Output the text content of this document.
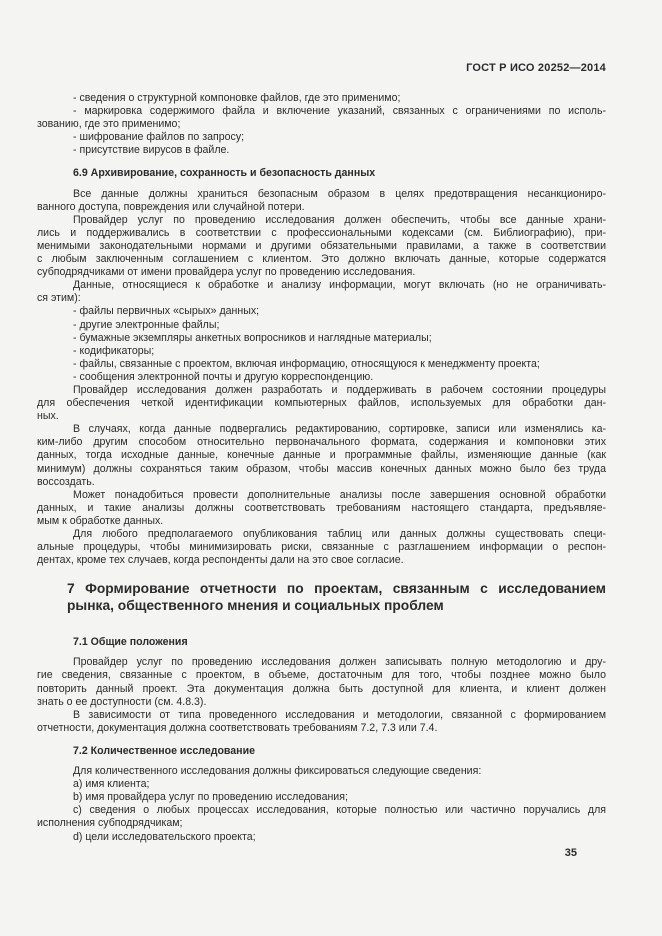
ГОСТ Р ИСО 20252—2014
- сведения о структурной компоновке файлов, где это применимо;
- маркировка содержимого файла и включение указаний, связанных с ограничениями по исполь-
зованию, где это применимо;
- шифрование файлов по запросу;
- присутствие вирусов в файле.
6.9 Архивирование, сохранность и безопасность данных
Все данные должны храниться безопасным образом в целях предотвращения несанкциониро-
ванного доступа, повреждения или случайной потери.
Провайдер услуг по проведению исследования должен обеспечить, чтобы все данные храни-
лись и поддерживались в соответствии с профессиональными кодексами (см. Библиографию), при-
менимыми законодательными нормами и другими обязательными правилами, а также в соответствии
с любым заключенным соглашением с клиентом. Это должно включать данные, которые содержатся
субподрядчиками от имени провайдера услуг по проведению исследования.
Данные, относящиеся к обработке и анализу информации, могут включать (но не ограничивать-
ся этим):
- файлы первичных «сырых» данных;
- другие электронные файлы;
- бумажные экземпляры анкетных вопросников и наглядные материалы;
- кодификаторы;
- файлы, связанные с проектом, включая информацию, относящуюся к менеджменту проекта;
- сообщения электронной почты и другую корреспонденцию.
Провайдер исследования должен разработать и поддерживать в рабочем состоянии процедуры
для обеспечения четкой идентификации компьютерных файлов, используемых для обработки дан-
ных.
В случаях, когда данные подвергались редактированию, сортировке, записи или изменялись ка-
ким-либо другим способом относительно первоначального формата, содержания и компоновки этих
данных, тогда исходные данные, конечные данные и программные файлы, изменяющие данные (как
минимум) должны сохраняться таким образом, чтобы массив конечных данных можно было без труда
воссоздать.
Может понадобиться провести дополнительные анализы после завершения основной обработки
данных, и такие анализы должны соответствовать требованиям настоящего стандарта, предъявляе-
мым к обработке данных.
Для любого предполагаемого опубликования таблиц или данных должны существовать специ-
альные процедуры, чтобы минимизировать риски, связанные с разглашением информации о респон-
дентах, кроме тех случаев, когда респонденты дали на это свое согласие.
7 Формирование отчетности по проектам, связанным с исследованием
рынка, общественного мнения и социальных проблем
7.1 Общие положения
Провайдер услуг по проведению исследования должен записывать полную методологию и дру-
гие сведения, связанные с проектом, в объеме, достаточным для того, чтобы позднее можно было
повторить данный проект. Эта документация должна быть доступной для клиента, и клиент должен
знать о ее доступности (см. 4.8.3).
В зависимости от типа проведенного исследования и методологии, связанной с формированием
отчетности, документация должна соответствовать требованиям 7.2, 7.3 или 7.4.
7.2 Количественное исследование
Для количественного исследования должны фиксироваться следующие сведения:
a) имя клиента;
b) имя провайдера услуг по проведению исследования;
c) сведения о любых процессах исследования, которые полностью или частично поручались для
исполнения субподрядчикам;
d) цели исследовательского проекта;
35
